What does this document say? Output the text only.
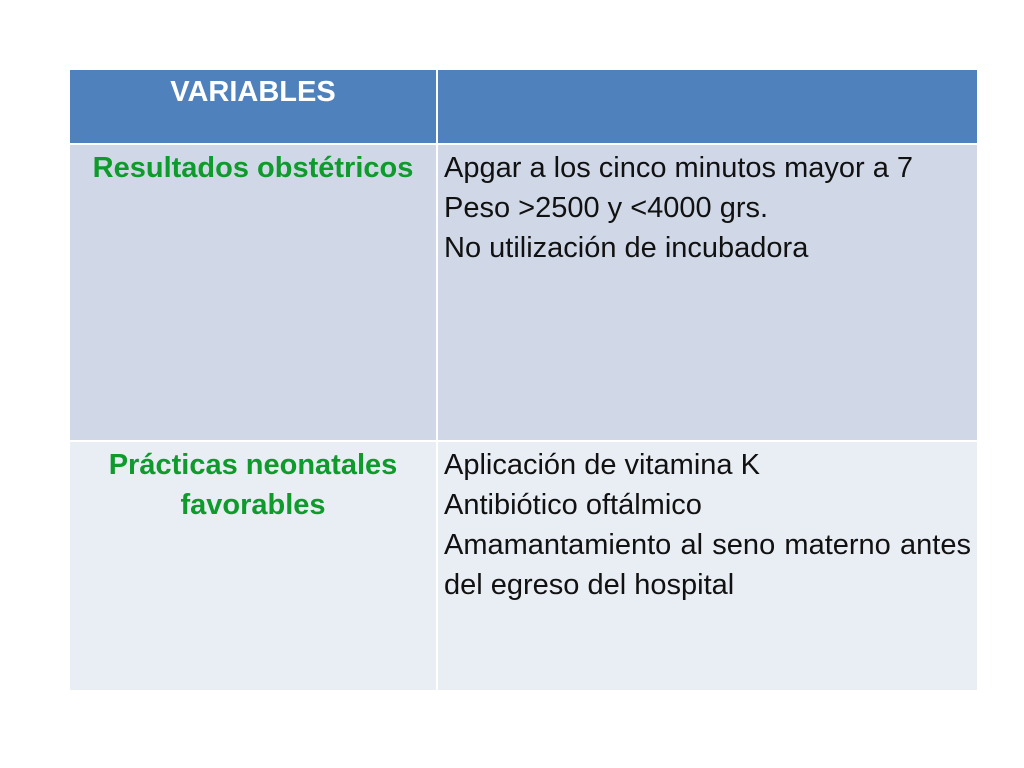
VARIABLES	
Resultados obstétricos	Apgar a los cinco minutos mayor a 7
Peso >2500 y <4000 grs.
No utilización de incubadora

Prácticas neonatales favorables	Aplicación de vitamina K
Antibiótico oftálmico
Amamantamiento al seno materno antes del egreso del hospital
